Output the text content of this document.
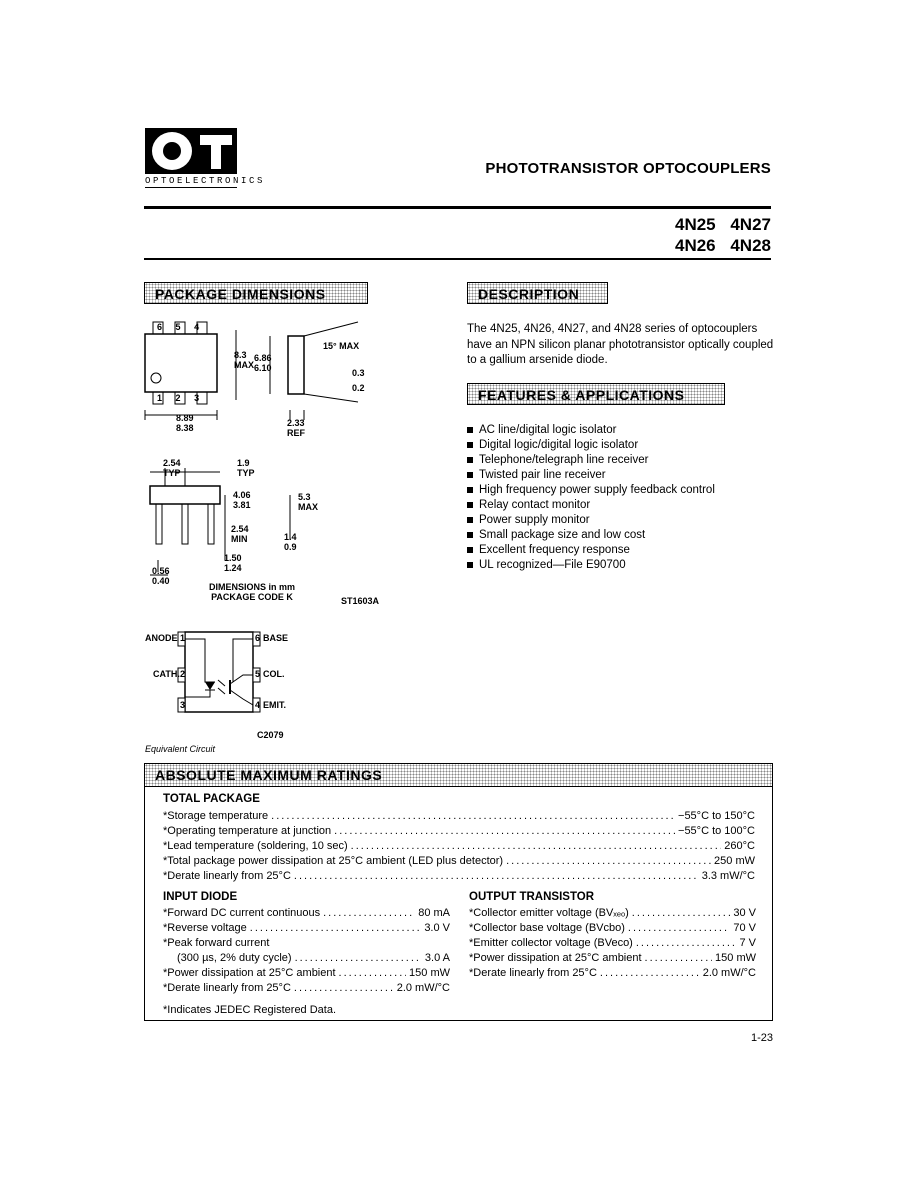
OPTOELECTRONICS
PHOTOTRANSISTOR OPTOCOUPLERS
4N25 4N27
4N26 4N28
PACKAGE DIMENSIONS	DESCRIPTION
FEATURES & APPLICATIONS
The 4N25, 4N26, 4N27, and 4N28 series of optocouplers have an NPN silicon planar phototransistor optically coupled to a gallium arsenide diode.
AC line/digital logic isolator
Digital logic/digital logic isolator
Telephone/telegraph line receiver
Twisted pair line receiver
High frequency power supply feedback control
Relay contact monitor
Power supply monitor
Small package size and low cost
Excellent frequency response
UL recognized—File E90700
6 5 4
1 2 3
8.3
MAX
6.86
6.10
15° MAX
0.3
0.2
8.89
8.38	2.33
REF
2.54
TYP
1.9
TYP
4.06
3.81
5.3
MAX
2.54
MIN	1.4
0.9
1.50
1.24
0.56
0.40
DIMENSIONS in mm
PACKAGE CODE K	ST1603A
ANODE 1
CATH. 2
3
6 BASE
5 COL.
4 EMIT.
C2079
Equivalent Circuit
ABSOLUTE MAXIMUM RATINGS
TOTAL PACKAGE
*Storage temperature .....	−55°C to 150°C
*Operating temperature at junction .....	−55°C to 100°C
*Lead temperature (soldering, 10 sec) .....	260°C
*Total package power dissipation at 25°C ambient (LED plus detector) .....	250 mW
*Derate linearly from 25°C .....	3.3 mW/°C
INPUT DIODE
*Forward DC current continuous .....	80 mA
*Reverse voltage .....	3.0 V
*Peak forward current
(300 µs, 2% duty cycle) .....	3.0 A
*Power dissipation at 25°C ambient .....	150 mW
*Derate linearly from 25°C .....	2.0 mW/°C
OUTPUT TRANSISTOR
*Collector emitter voltage (BVₓₑₒ) .....	30 V
*Collector base voltage (BVcbo) .....	70 V
*Emitter collector voltage (BVeco) .....	7 V
*Power dissipation at 25°C ambient .....	150 mW
*Derate linearly from 25°C .....	2.0 mW/°C
*Indicates JEDEC Registered Data.
1-23
